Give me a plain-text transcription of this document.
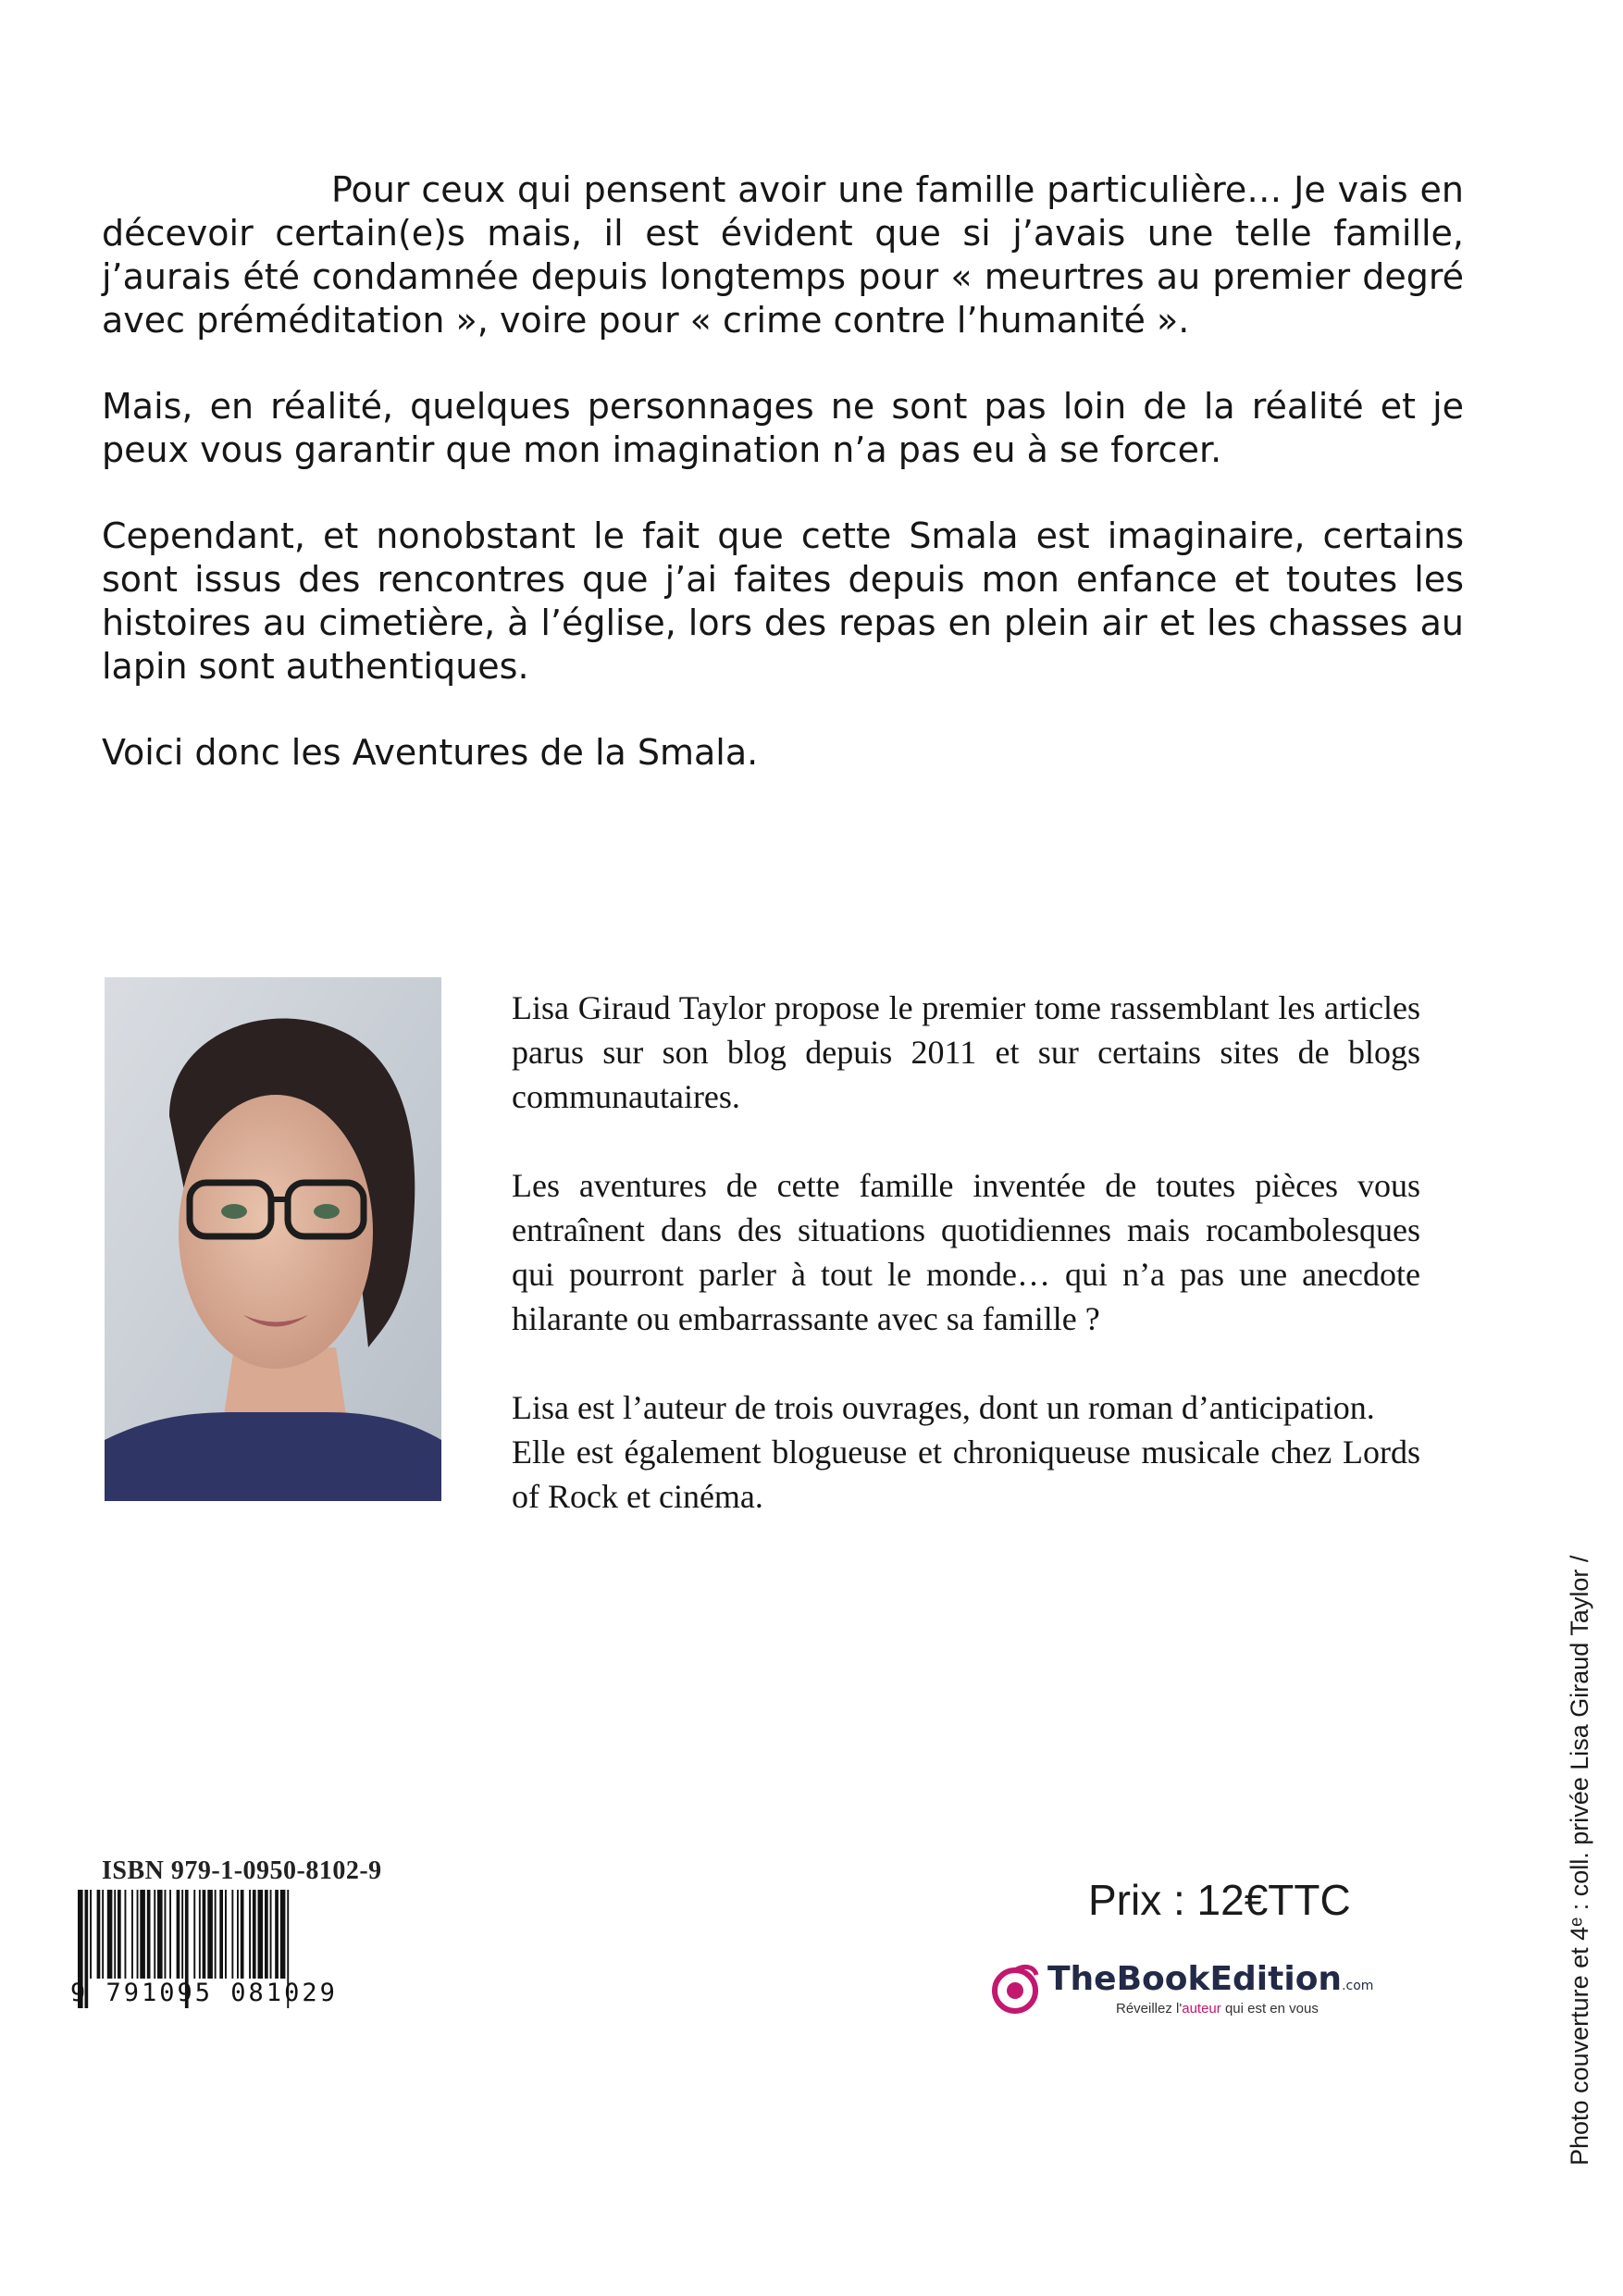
Pour ceux qui pensent avoir une famille particulière… Je vais en décevoir certain(e)s mais, il est évident que si j’avais une telle famille, j’aurais été condamnée depuis longtemps pour « meurtres au premier degré avec préméditation », voire pour « crime contre l’humanité ».

Mais, en réalité, quelques personnages ne sont pas loin de la réalité et je peux vous garantir que mon imagination n’a pas eu à se forcer.

Cependant, et nonobstant le fait que cette Smala est imaginaire, certains sont issus des rencontres que j’ai faites depuis mon enfance et toutes les histoires au cimetière, à l’église, lors des repas en plein air et les chasses au lapin sont authentiques.

Voici donc les Aventures de la Smala.

Lisa Giraud Taylor propose le premier tome rassemblant les articles parus sur son blog depuis 2011 et sur certains sites de blogs communautaires.

Les aventures de cette famille inventée de toutes pièces vous entraînent dans des situations quotidiennes mais rocambolesques qui pourront parler à tout le monde… qui n’a pas une anecdote hilarante ou embarrassante avec sa famille ?

Lisa est l’auteur de trois ouvrages, dont un roman d’anticipation.

Elle est également blogueuse et chroniqueuse musicale chez Lords of Rock et cinéma.

ISBN 979-1-0950-8102-9
9 791095 081029
Prix : 12€TTC
TheBookEdition.com
Réveillez l'auteur qui est en vous	Photo couverture et 4ᵉ : coll. privée Lisa Giraud Taylor /
